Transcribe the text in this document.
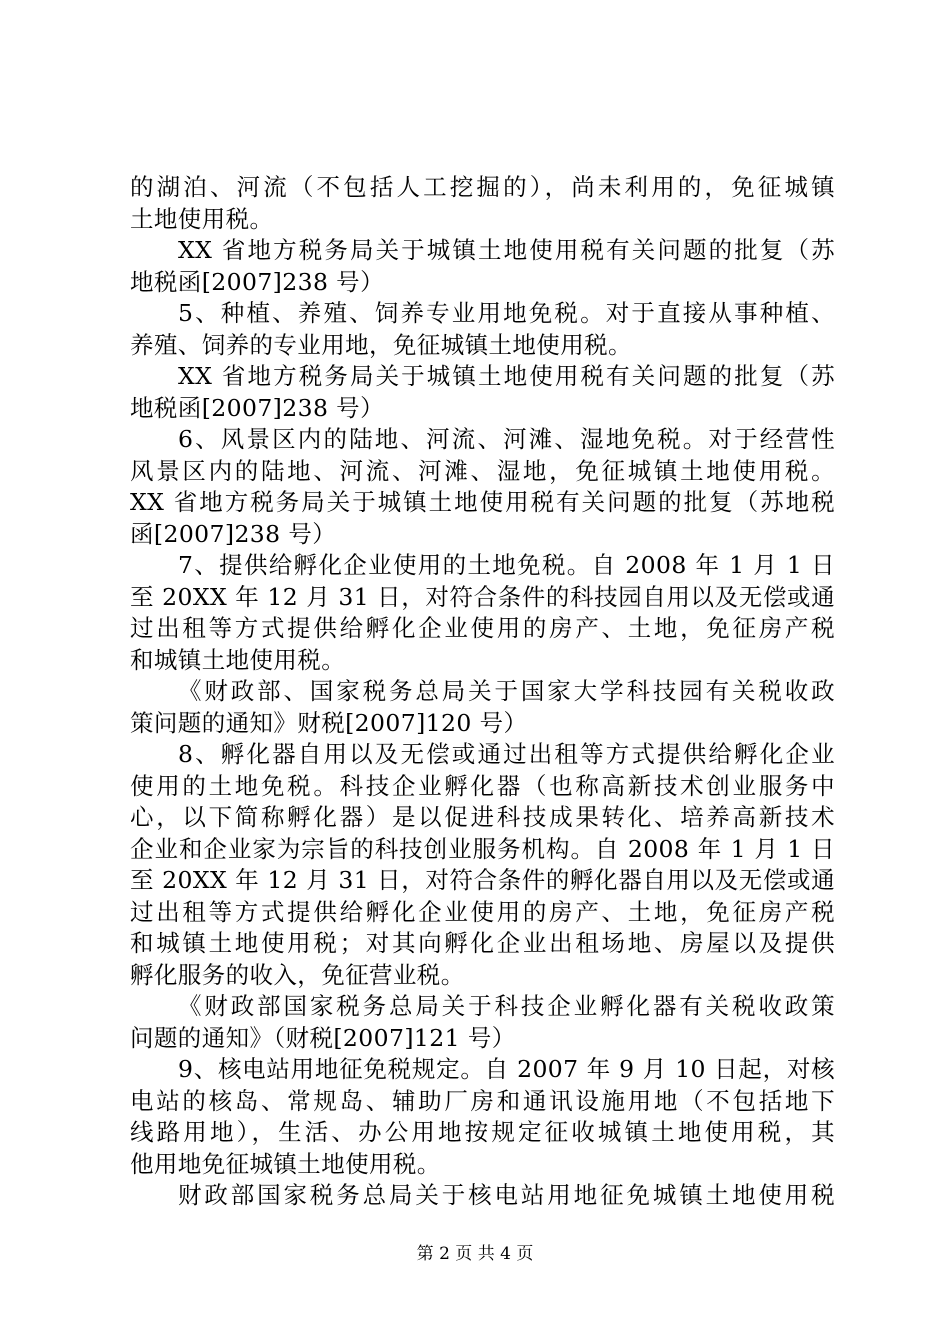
的湖泊、河流（不包括人工挖掘的），尚未利用的，免征城镇
土地使用税。
XX 省地方税务局关于城镇土地使用税有关问题的批复（苏
地税函[2007]238 号）
5、种植、养殖、饲养专业用地免税。对于直接从事种植、
养殖、饲养的专业用地，免征城镇土地使用税。
XX 省地方税务局关于城镇土地使用税有关问题的批复（苏
地税函[2007]238 号）
6、风景区内的陆地、河流、河滩、湿地免税。对于经营性
风景区内的陆地、河流、河滩、湿地，免征城镇土地使用税。
XX 省地方税务局关于城镇土地使用税有关问题的批复（苏地税
函[2007]238 号）
7、提供给孵化企业使用的土地免税。自 2008 年 1 月 1 日
至 20XX 年 12 月 31 日，对符合条件的科技园自用以及无偿或通
过出租等方式提供给孵化企业使用的房产、土地，免征房产税
和城镇土地使用税。
《财政部、国家税务总局关于国家大学科技园有关税收政
策问题的通知》财税[2007]120 号）
8、孵化器自用以及无偿或通过出租等方式提供给孵化企业
使用的土地免税。科技企业孵化器（也称高新技术创业服务中
心，以下简称孵化器）是以促进科技成果转化、培养高新技术
企业和企业家为宗旨的科技创业服务机构。自 2008 年 1 月 1 日
至 20XX 年 12 月 31 日，对符合条件的孵化器自用以及无偿或通
过出租等方式提供给孵化企业使用的房产、土地，免征房产税
和城镇土地使用税；对其向孵化企业出租场地、房屋以及提供
孵化服务的收入，免征营业税。
《财政部国家税务总局关于科技企业孵化器有关税收政策
问题的通知》（财税[2007]121 号）
9、核电站用地征免税规定。自 2007 年 9 月 10 日起，对核
电站的核岛、常规岛、辅助厂房和通讯设施用地（不包括地下
线路用地），生活、办公用地按规定征收城镇土地使用税，其
他用地免征城镇土地使用税。
财政部国家税务总局关于核电站用地征免城镇土地使用税
第 2 页 共 4 页
